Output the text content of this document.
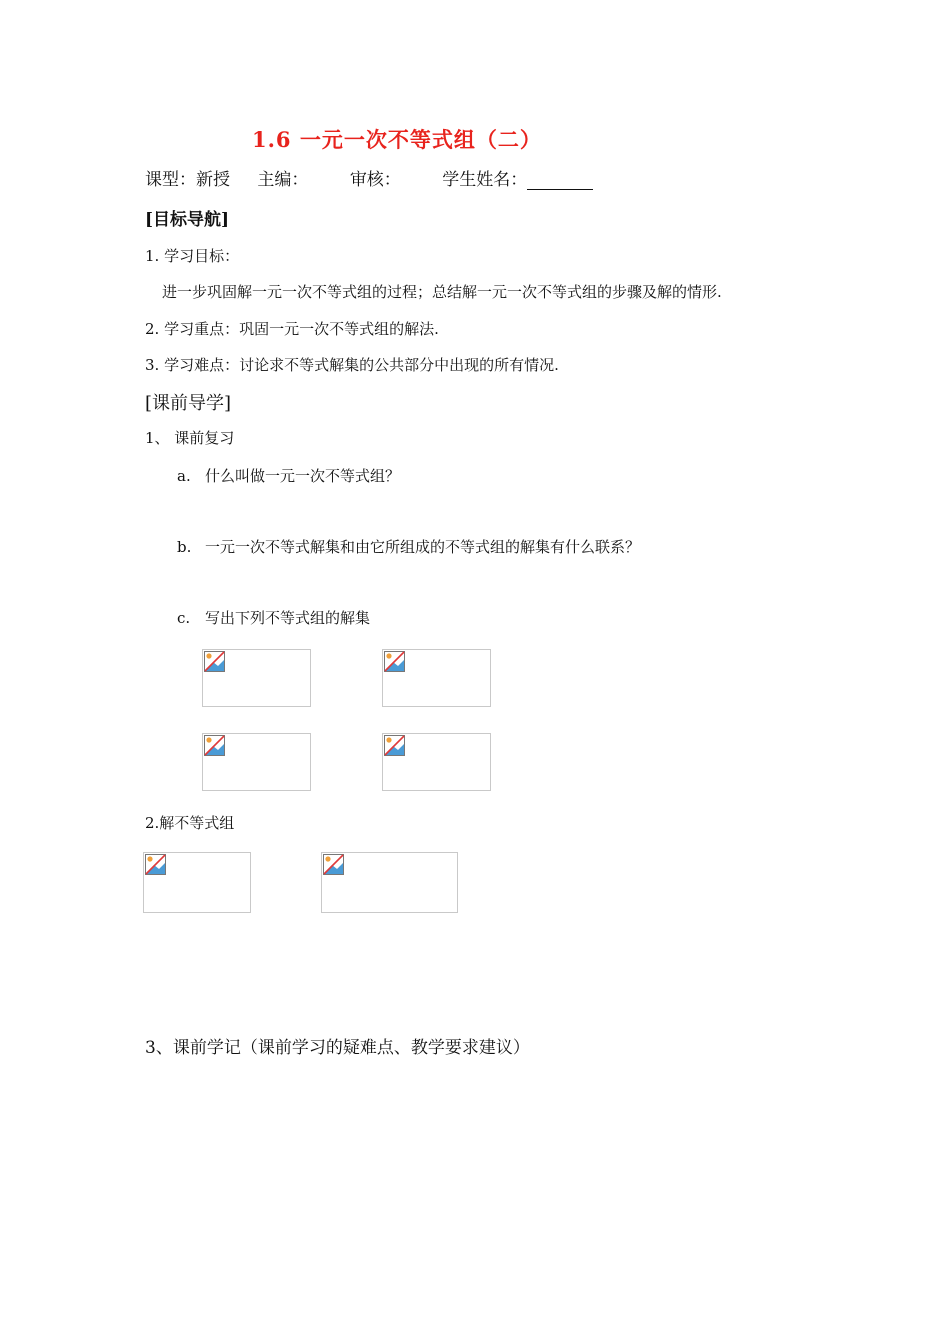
1.6 一元一次不等式组（二）
课型：新授 主编： 审核： 学生姓名：
[目标导航]
1. 学习目标：
进一步巩固解一元一次不等式组的过程；总结解一元一次不等式组的步骤及解的情形.
2. 学习重点：巩固一元一次不等式组的解法.
3. 学习难点：讨论求不等式解集的公共部分中出现的所有情况.
[课前导学]
1、 课前复习
a. 什么叫做一元一次不等式组？
b. 一元一次不等式解集和由它所组成的不等式组的解集有什么联系？
c. 写出下列不等式组的解集
2.解不等式组
3、课前学记（课前学习的疑难点、教学要求建议）
